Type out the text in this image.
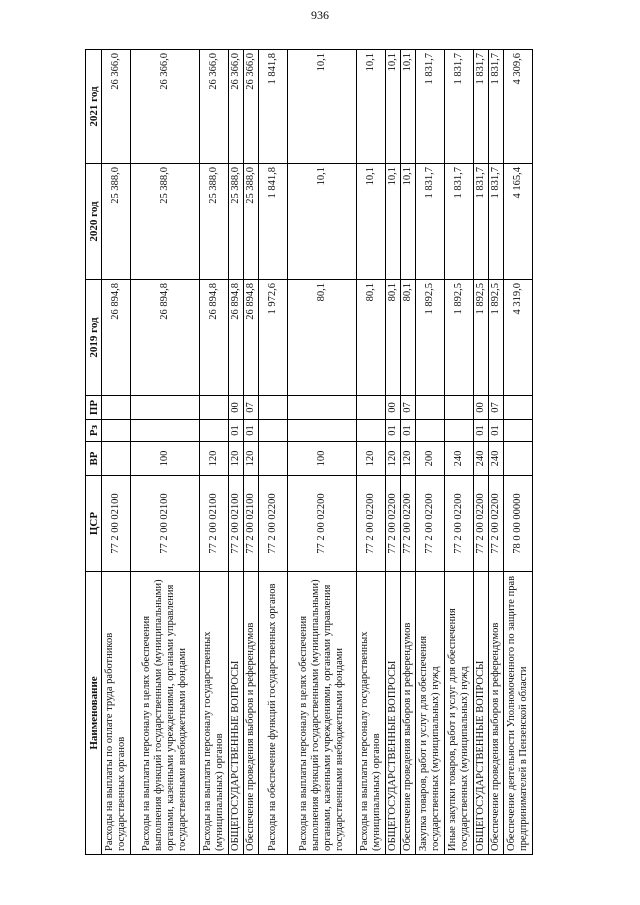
936
Наименование	ЦСР	ВР	Рз	ПР	2019 год	2020 год	2021 год
Расходы на выплаты по оплате труда работников государственных органов	77 2 00 02100				26 894,8	25 388,0	26 366,0
Расходы на выплаты персоналу в целях обеспечения выполнения функций государственными (муниципальными) органами, казенными учреждениями, органами управления государственными внебюджетными фондами	77 2 00 02100	100			26 894,8	25 388,0	26 366,0
Расходы на выплаты персоналу государственных (муниципальных) органов	77 2 00 02100	120			26 894,8	25 388,0	26 366,0
ОБЩЕГОСУДАРСТВЕННЫЕ ВОПРОСЫ	77 2 00 02100	120	01	00	26 894,8	25 388,0	26 366,0
Обеспечение проведения выборов и референдумов	77 2 00 02100	120	01	07	26 894,8	25 388,0	26 366,0
Расходы на обеспечение функций государственных органов	77 2 00 02200				1 972,6	1 841,8	1 841,8
Расходы на выплаты персоналу в целях обеспечения выполнения функций государственными (муниципальными) органами, казенными учреждениями, органами управления государственными внебюджетными фондами	77 2 00 02200	100			80,1	10,1	10,1
Расходы на выплаты персоналу государственных (муниципальных) органов	77 2 00 02200	120			80,1	10,1	10,1
ОБЩЕГОСУДАРСТВЕННЫЕ ВОПРОСЫ	77 2 00 02200	120	01	00	80,1	10,1	10,1
Обеспечение проведения выборов и референдумов	77 2 00 02200	120	01	07	80,1	10,1	10,1
Закупка товаров, работ и услуг для обеспечения государственных (муниципальных) нужд	77 2 00 02200	200			1 892,5	1 831,7	1 831,7
Иные закупки товаров, работ и услуг для обеспечения государственных (муниципальных) нужд	77 2 00 02200	240			1 892,5	1 831,7	1 831,7
ОБЩЕГОСУДАРСТВЕННЫЕ ВОПРОСЫ	77 2 00 02200	240	01	00	1 892,5	1 831,7	1 831,7
Обеспечение проведения выборов и референдумов	77 2 00 02200	240	01	07	1 892,5	1 831,7	1 831,7
Обеспечение деятельности Уполномоченного по защите прав предпринимателей в Пензенской области	78 0 00 00000				4 319,0	4 165,4	4 309,6
